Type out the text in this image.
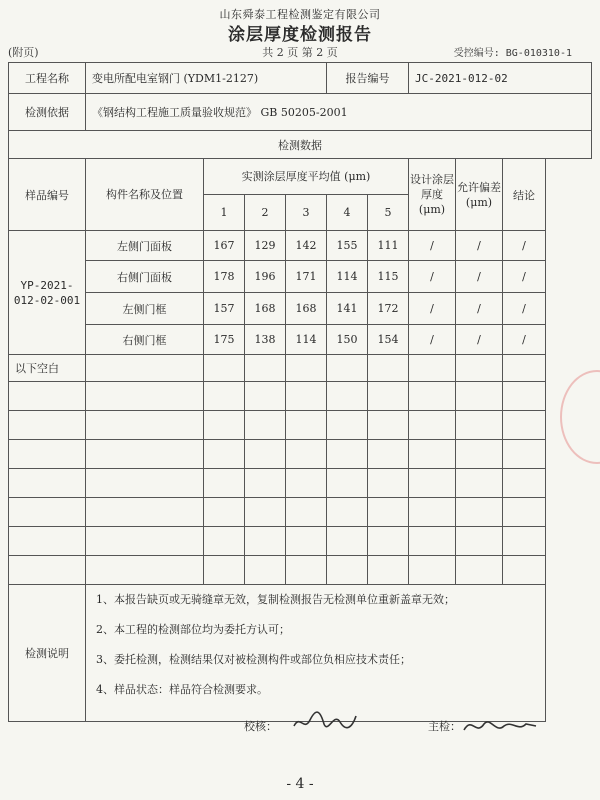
山东舜泰工程检测鉴定有限公司
涂层厚度检测报告
(附页)	共 2 页 第 2 页	受控编号: BG-010310-1
工程名称	变电所配电室钢门 (YDM1-2127)				报告编号		JC-2021-012-02			
检测依据	《钢结构工程施工质量验收规范》 GB 50205-2001									
检测数据										
样品编号	构件名称及位置	实测涂层厚度平均值 (μm)					设计涂层厚度 (μm)	允许偏差 (μm)	结论	
		1	2	3	4	5				
YP-2021-012-02-001	左侧门面板	167	129	142	155	111	/	/	/	
	右侧门面板	178	196	171	114	115	/	/	/	
	左侧门框	157	168	168	141	172	/	/	/	
	右侧门框	175	138	114	150	154	/	/	/	
以下空白										

检测说明	1、本报告缺页或无骑缝章无效，复制检测报告无检测单位重新盖章无效；
2、本工程的检测部位均为委托方认可；
3、委托检测，检测结果仅对被检测构件或部位负相应技术责任；
4、样品状态：样品符合检测要求。									

校核：	主检：
- 4 -
